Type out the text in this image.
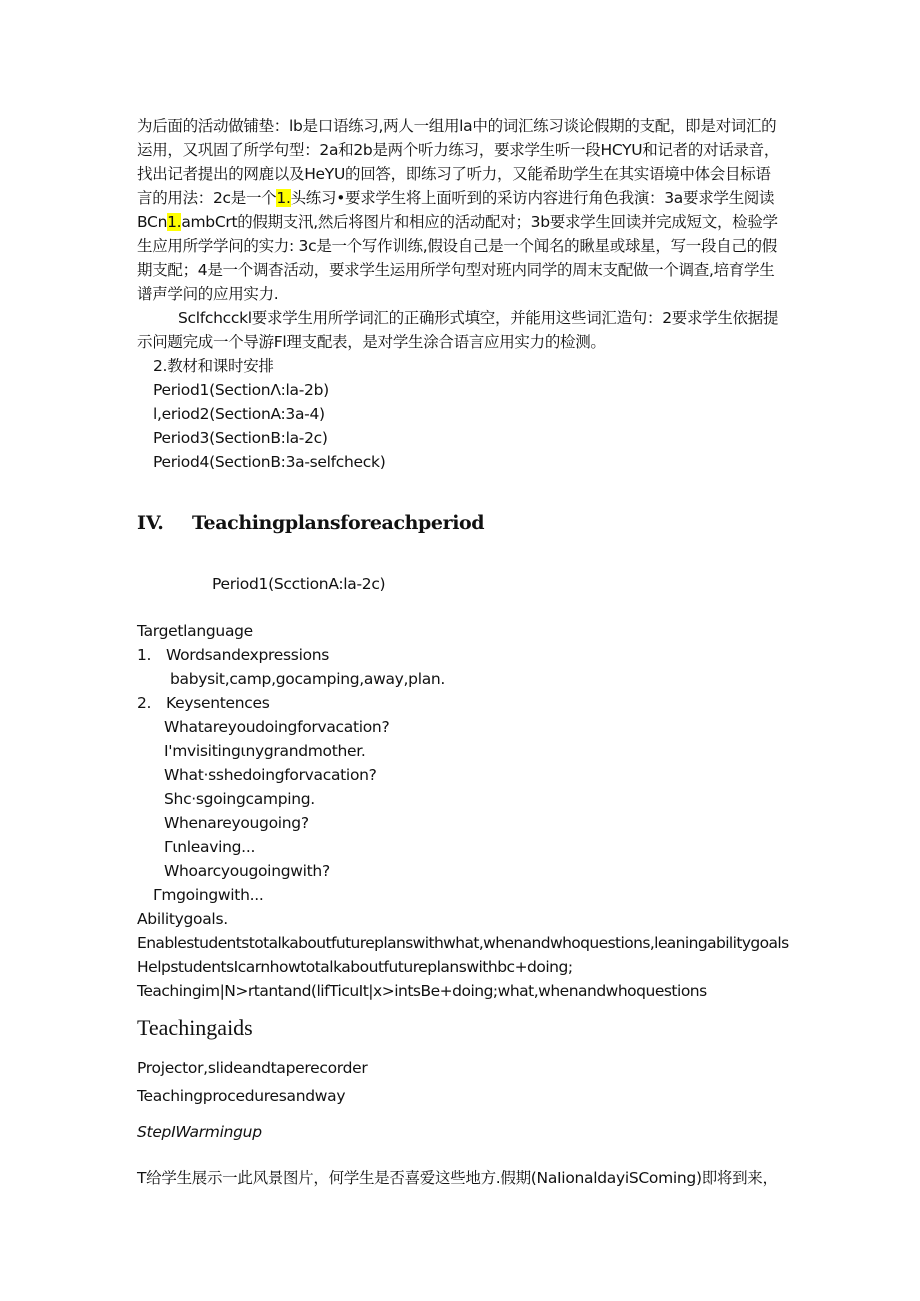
为后面的活动做铺垫：lb是口语练习,两人一组用la中的词汇练习谈论假期的支配，即是对词汇的
运用，又巩固了所学句型：2a和2b是两个听力练习，要求学生听一段HCYU和记者的对话录音，
找出记者提出的网鹿以及HeYU的回答，即练习了听力，又能希助学生在其实语境中体会目标语
言的用法：2c是一个1.头练习•要求学生将上面听到的采访内容进行角色我演：3a要求学生阅读
BCn1.ambCrt的假期支汛,然后将图片和相应的活动配对；3b要求学生回读并完成短文，检验学
生应用所学学问的实力: 3c是一个写作训练,假设自己是一个闻名的瞅星或球星，写一段自己的假
期支配；4是一个调杳活动，要求学生运用所学句型对班内同学的周末支配做一个调查,培育学生
谱声学问的应用实力.
Sclfchcckl要求学生用所学词汇的正确形式填空，并能用这些词汇造句：2要求学生依据提
示问题完成一个导游Fl理支配表，是对学生涂合语言应用实力的检测。
2.教材和课时安排
Period1(SectionΛ:la-2b)
l,eriod2(SectionA:3a-4)
Period3(SectionB:la-2c)
Period4(SectionB:3a-selfcheck)
IV. Teachingplansforeachperiod
Period1(ScctionA:la-2c)
Targetlanguage
1. Wordsandexpressions
babysit,camp,gocamping,away,plan.
2. Keysentences
Whatareyoudoingforvacation?
I'mvisitingιnygrandmother.
What·sshedoingforvacation?
Shc·sgoingcamping.
Whenareyougoing?
Γιnleaving...
Whoarcyougoingwith?
Γmgoingwith...
Abilitygoals.
Enablestudentstotalkaboutfutureplanswithwhat,whenandwhoquestions,leaningabilitygoals
HelpstudentsIcarnhowtotalkaboutfutureplanswithbc+doing;
Teachingim|N>rtantand(lifTicuIt|x>intsBe+doing;what,whenandwhoquestions
Teachingaids
Projector,slideandtaperecorder
Teachingproceduresandway
StepIWarmingup
T给学生展示一此风景图片，何学生是否喜爱这些地方.假期(NaIionaldayiSComing)即将到来，
